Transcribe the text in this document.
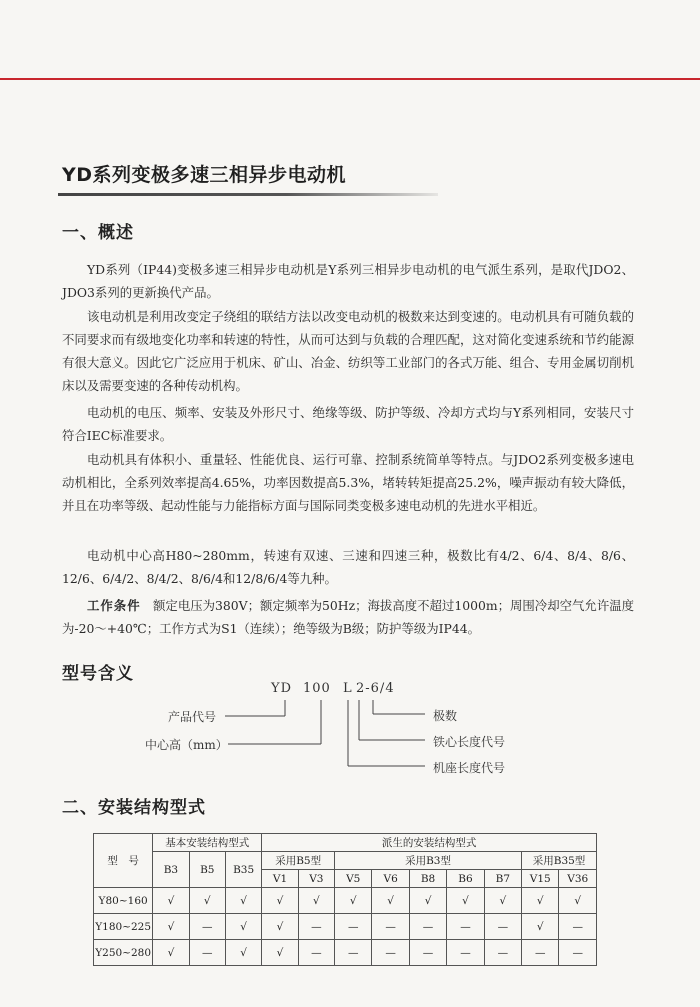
YD系列变极多速三相异步电动机
一、概述
YD系列（IP44)变极多速三相异步电动机是Y系列三相异步电动机的电气派生系列，是取代JDO2、JDO3系列的更新换代产品。
该电动机是利用改变定子绕组的联结方法以改变电动机的极数来达到变速的。电动机具有可随负载的不同要求而有级地变化功率和转速的特性，从而可达到与负载的合理匹配，这对简化变速系统和节约能源有很大意义。因此它广泛应用于机床、矿山、冶金、纺织等工业部门的各式万能、组合、专用金属切削机床以及需要变速的各种传动机构。
电动机的电压、频率、安装及外形尺寸、绝缘等级、防护等级、冷却方式均与Y系列相同，安装尺寸符合IEC标准要求。
电动机具有体积小、重量轻、性能优良、运行可靠、控制系统简单等特点。与JDO2系列变极多速电动机相比，全系列效率提高4.65%，功率因数提高5.3%，堵转转矩提高25.2%，噪声振动有较大降低，并且在功率等级、起动性能与力能指标方面与国际同类变极多速电动机的先进水平相近。
电动机中心高H80~280mm，转速有双速、三速和四速三种，极数比有4/2、6/4、8/4、8/6、12/6、6/4/2、8/4/2、8/6/4和12/8/6/4等九种。
工作条件　 额定电压为380V；额定频率为50Hz；海拔高度不超过1000m；周围冷却空气允许温度为-20～+40℃；工作方式为S1（连续）；绝等级为B级；防护等级为IP44。
型号含义
YD 100 L 2-6/4
产品代号
中心高（mm）
极数
铁心长度代号
机座长度代号
二、安装结构型式
型　号	基本安装结构型式			派生的安装结构型式								
	B3	B5	B35	采用B5型		采用B3型					采用B35型	
				V1	V3	V5	V6	B8	B6	B7	V15	V36
Y80~160	√	√	√	√	√	√	√	√	√	√	√	√
Y180~225	√	—	√	√	—	—	—	—	—	—	√	—
Y250~280	√	—	√	√	—	—	—	—	—	—	—	—
